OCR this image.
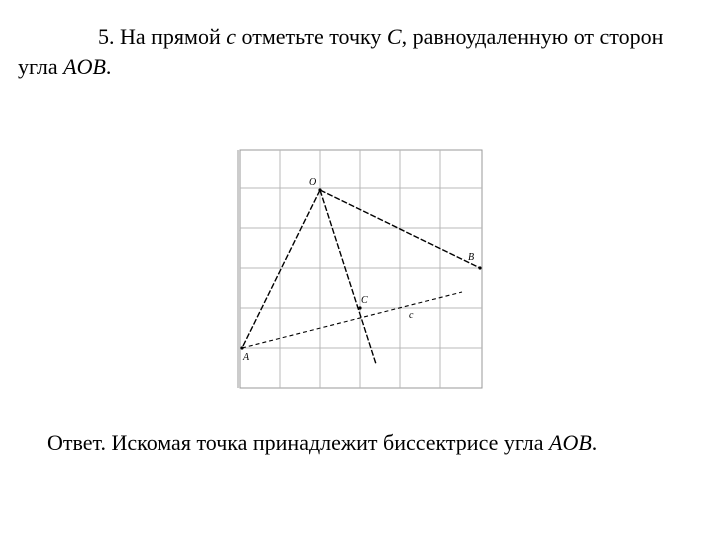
5. На прямой c отметьте точку C, равноудаленную от сторон угла AOB.

O
A
B
C
c

Ответ. Искомая точка принадлежит биссектрисе угла AOB.
